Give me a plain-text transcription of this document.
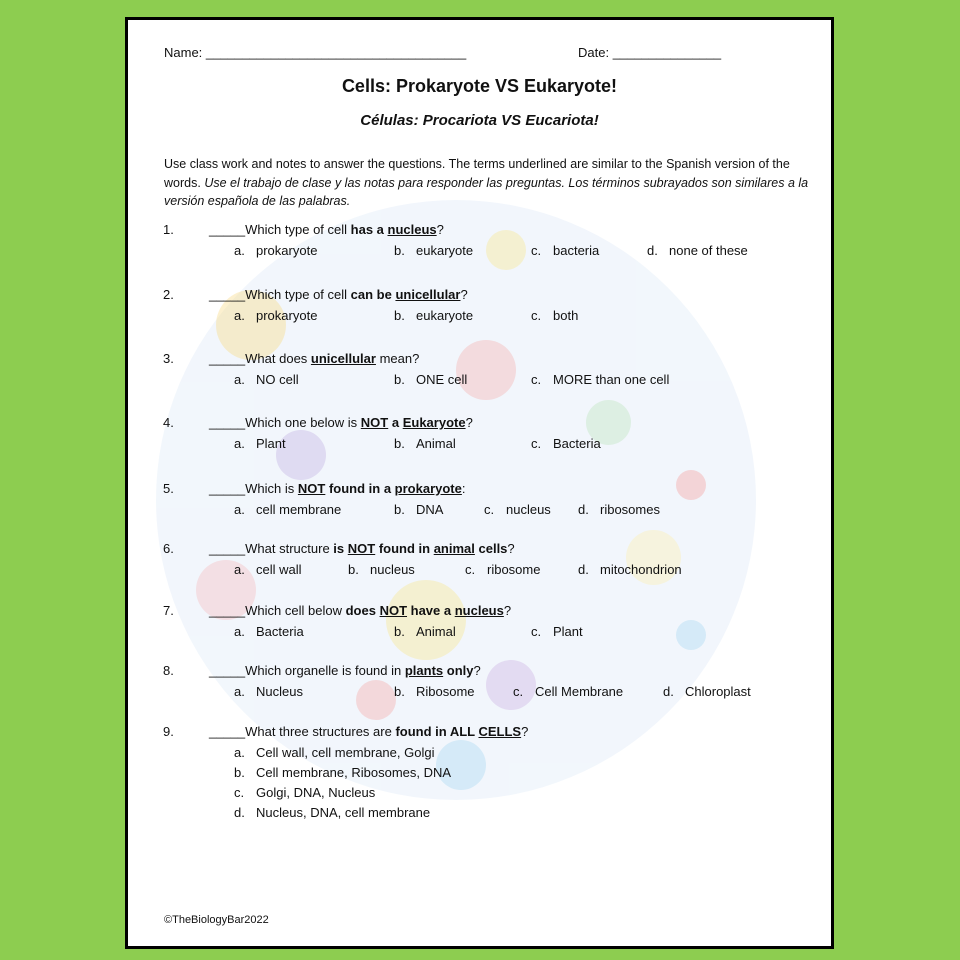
Name: ____________________________________	Date: _______________
Cells: Prokaryote VS Eukaryote!
Células: Procariota VS Eucariota!
Use class work and notes to answer the questions. The terms underlined are similar to the Spanish version of the words. Use el trabajo de clase y las notas para responder las preguntas. Los términos subrayados son similares a la versión española de las palabras.
1.	_____Which type of cell has a nucleus?
a. prokaryote	b. eukaryote	c. bacteria	d. none of these
2.	_____Which type of cell can be unicellular?
a. prokaryote	b. eukaryote	c. both
3.	_____What does unicellular mean?
a. NO cell	b. ONE cell	c. MORE than one cell
4.	_____Which one below is NOT a Eukaryote?
a. Plant	b. Animal	c. Bacteria
5.	_____Which is NOT found in a prokaryote:
a. cell membrane	b. DNA	c. nucleus d. ribosomes
6.	_____What structure is NOT found in animal cells?
a. cell wall	b. nucleus	c. ribosome	d. mitochondrion
7.	_____Which cell below does NOT have a nucleus?
a. Bacteria	b. Animal	c. Plant
8.	_____Which organelle is found in plants only?
a. Nucleus	b. Ribosome	c. Cell Membrane	d. Chloroplast
9.	_____What three structures are found in ALL CELLS?
a. Cell wall, cell membrane, Golgi
b. Cell membrane, Ribosomes, DNA
c. Golgi, DNA, Nucleus
d. Nucleus, DNA, cell membrane
©TheBiologyBar2022
